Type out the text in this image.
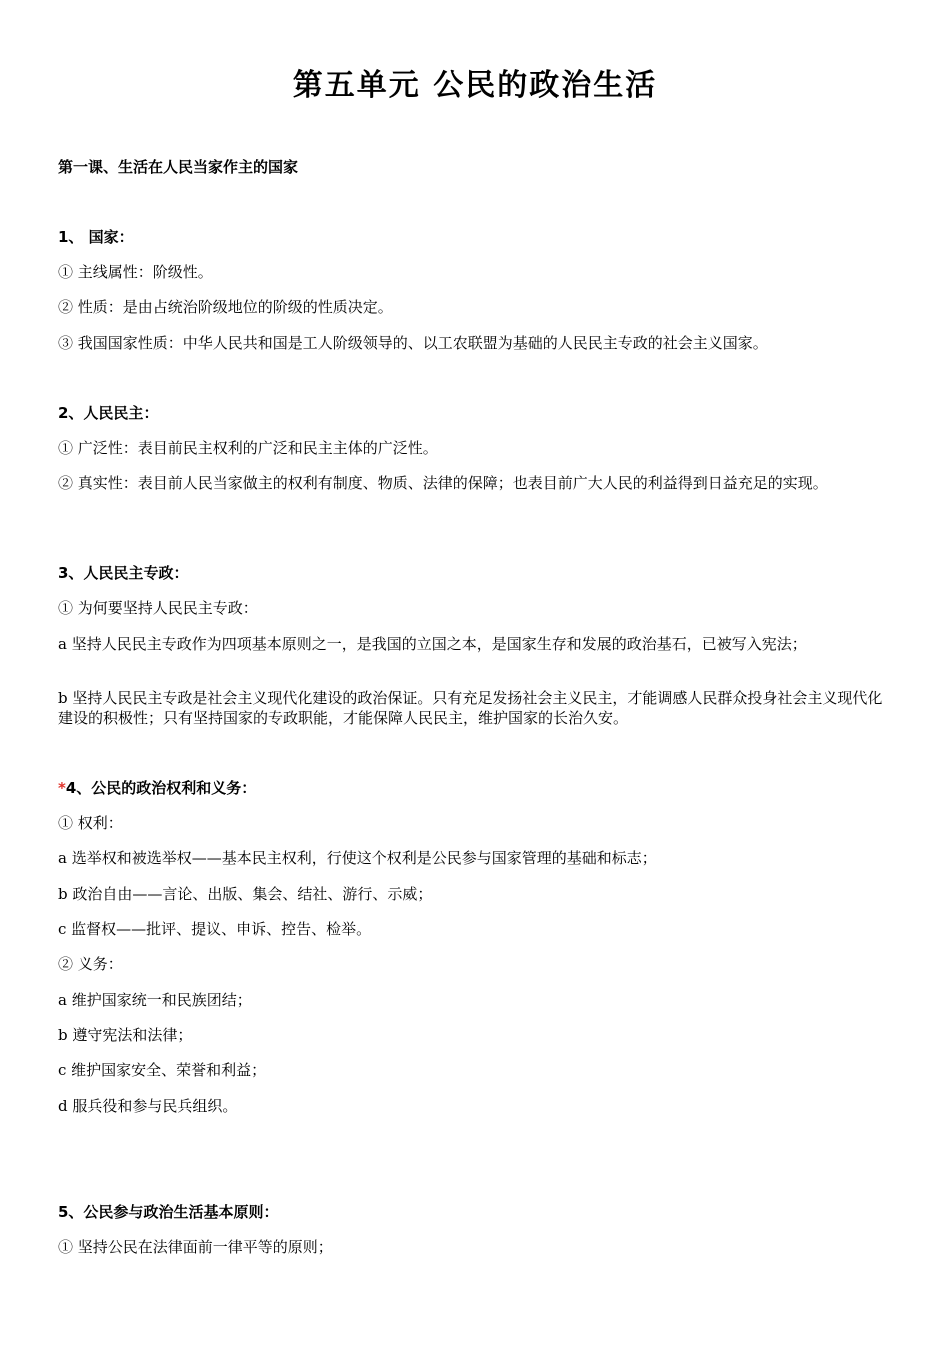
第五单元 公民的政治生活
第一课、生活在人民当家作主的国家
1、 国家：
① 主线属性：阶级性。
② 性质：是由占统治阶级地位的阶级的性质决定。
③ 我国国家性质：中华人民共和国是工人阶级领导的、以工农联盟为基础的人民民主专政的社会主义国家。
2、人民民主：
① 广泛性：表目前民主权利的广泛和民主主体的广泛性。
② 真实性：表目前人民当家做主的权利有制度、物质、法律的保障；也表目前广大人民的利益得到日益充足的实现。
3、人民民主专政：
① 为何要坚持人民民主专政：
a 坚持人民民主专政作为四项基本原则之一，是我国的立国之本，是国家生存和发展的政治基石，已被写入宪法；
b 坚持人民民主专政是社会主义现代化建设的政治保证。只有充足发扬社会主义民主，才能调感人民群众投身社会主义现代化建设的积极性；只有坚持国家的专政职能，才能保障人民民主，维护国家的长治久安。
*4、公民的政治权利和义务：
① 权利：
a 选举权和被选举权——基本民主权利，行使这个权利是公民参与国家管理的基础和标志；
b 政治自由——言论、出版、集会、结社、游行、示威；
c 监督权——批评、提议、申诉、控告、检举。
② 义务：
a 维护国家统一和民族团结；
b 遵守宪法和法律；
c 维护国家安全、荣誉和利益；
d 服兵役和参与民兵组织。
5、公民参与政治生活基本原则：
① 坚持公民在法律面前一律平等的原则；
